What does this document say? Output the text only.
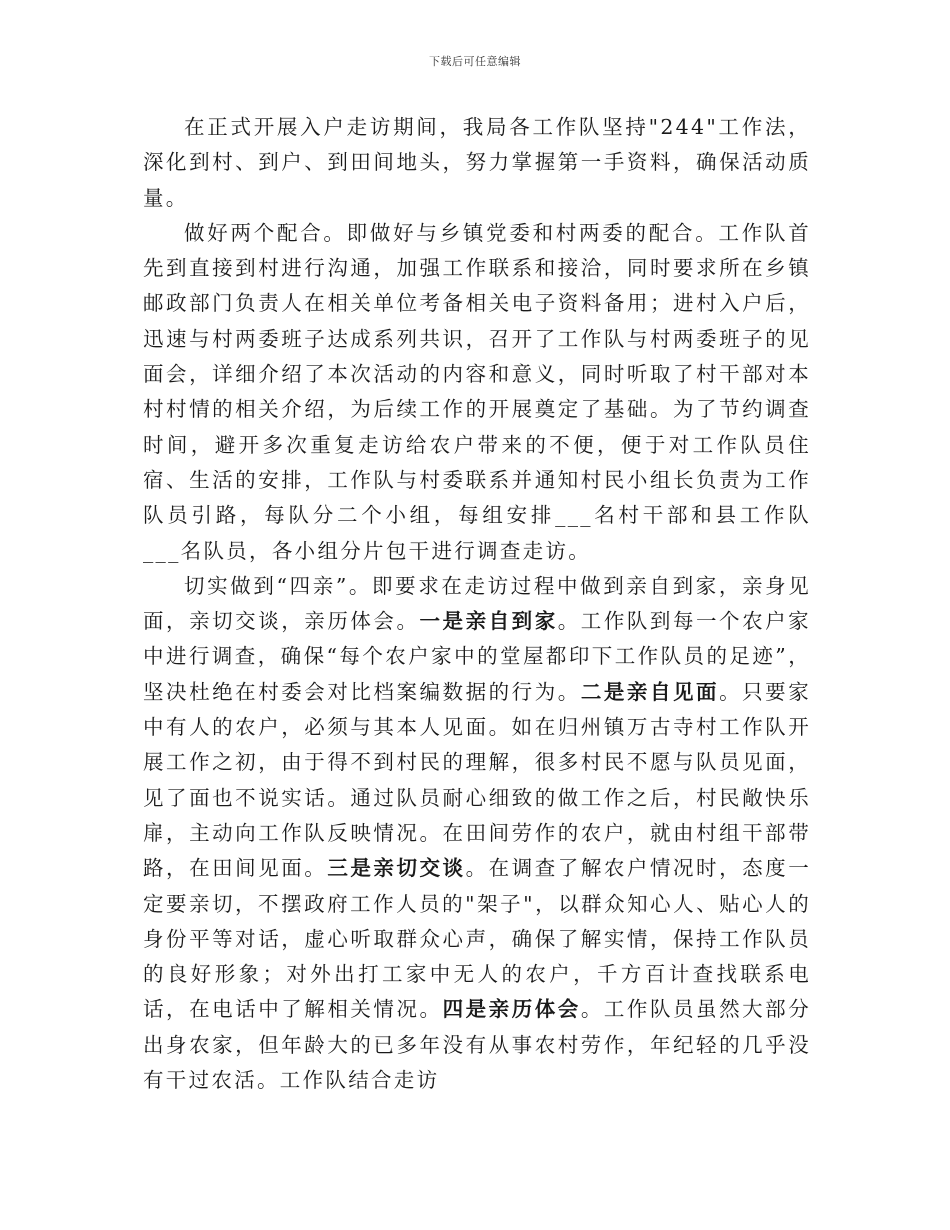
下载后可任意编辑

在正式开展入户走访期间，我局各工作队坚持"244"工作法，深化到村、到户、到田间地头，努力掌握第一手资料，确保活动质量。

做好两个配合。即做好与乡镇党委和村两委的配合。工作队首先到直接到村进行沟通，加强工作联系和接洽，同时要求所在乡镇邮政部门负责人在相关单位考备相关电子资料备用；进村入户后，迅速与村两委班子达成系列共识，召开了工作队与村两委班子的见面会，详细介绍了本次活动的内容和意义，同时听取了村干部对本村村情的相关介绍，为后续工作的开展奠定了基础。为了节约调查时间，避开多次重复走访给农户带来的不便，便于对工作队员住宿、生活的安排，工作队与村委联系并通知村民小组长负责为工作队员引路，每队分二个小组，每组安排___名村干部和县工作队___名队员，各小组分片包干进行调查走访。

切实做到“四亲”。即要求在走访过程中做到亲自到家，亲身见面，亲切交谈，亲历体会。一是亲自到家。工作队到每一个农户家中进行调查，确保“每个农户家中的堂屋都印下工作队员的足迹”，坚决杜绝在村委会对比档案编数据的行为。二是亲自见面。只要家中有人的农户，必须与其本人见面。如在归州镇万古寺村工作队开展工作之初，由于得不到村民的理解，很多村民不愿与队员见面，见了面也不说实话。通过队员耐心细致的做工作之后，村民敞快乐扉，主动向工作队反映情况。在田间劳作的农户，就由村组干部带路，在田间见面。三是亲切交谈。在调查了解农户情况时，态度一定要亲切，不摆政府工作人员的"架子"，以群众知心人、贴心人的身份平等对话，虚心听取群众心声，确保了解实情，保持工作队员的良好形象；对外出打工家中无人的农户，千方百计查找联系电话，在电话中了解相关情况。四是亲历体会。工作队员虽然大部分出身农家，但年龄大的已多年没有从事农村劳作，年纪轻的几乎没有干过农活。工作队结合走访
